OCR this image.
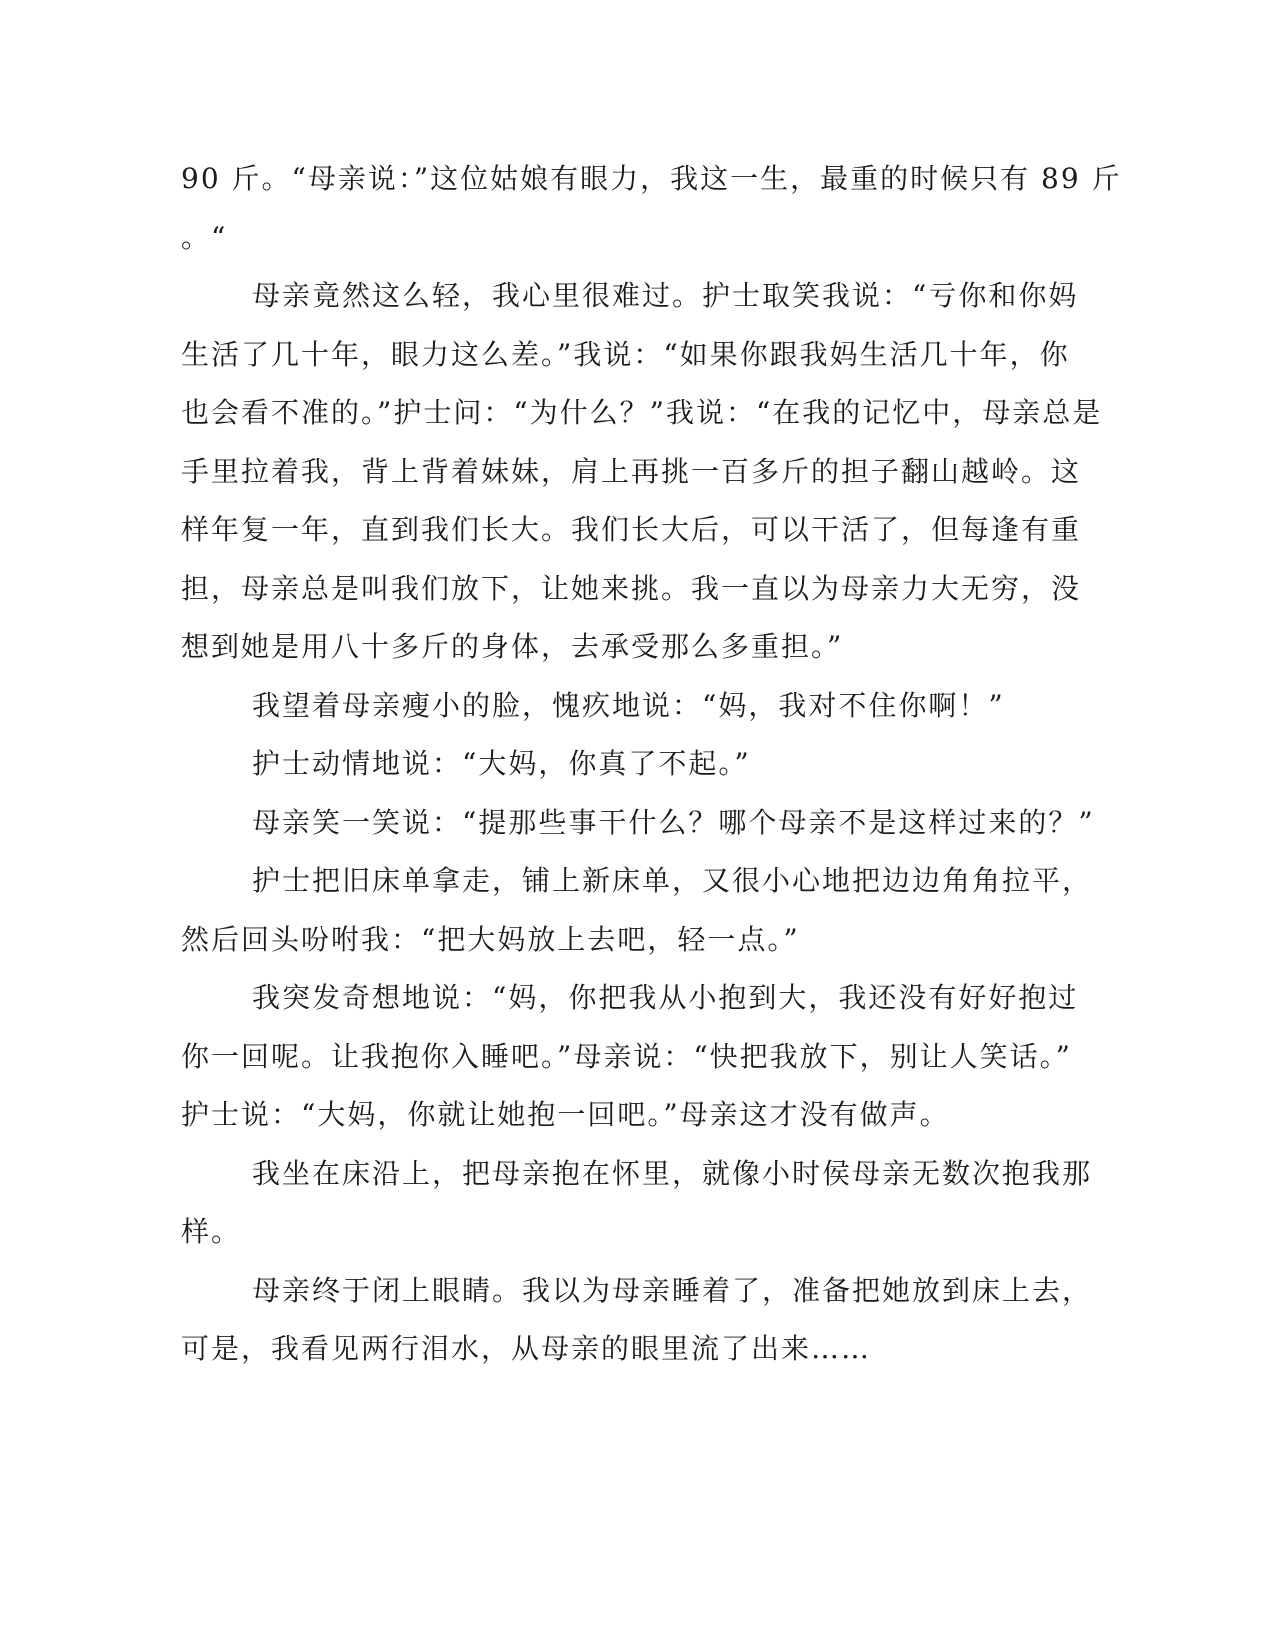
90 斤。“母亲说：”这位姑娘有眼力，我这一生，最重的时候只有 89 斤
。“
母亲竟然这么轻，我心里很难过。护士取笑我说：“亏你和你妈
生活了几十年，眼力这么差。”我说：“如果你跟我妈生活几十年，你
也会看不准的。”护士问：“为什么？”我说：“在我的记忆中，母亲总是
手里拉着我，背上背着妹妹，肩上再挑一百多斤的担子翻山越岭。这
样年复一年，直到我们长大。我们长大后，可以干活了，但每逢有重
担，母亲总是叫我们放下，让她来挑。我一直以为母亲力大无穷，没
想到她是用八十多斤的身体，去承受那么多重担。”
我望着母亲瘦小的脸，愧疚地说：“妈，我对不住你啊！”
护士动情地说：“大妈，你真了不起。”
母亲笑一笑说：“提那些事干什么？哪个母亲不是这样过来的？”
护士把旧床单拿走，铺上新床单，又很小心地把边边角角拉平，
然后回头吩咐我：“把大妈放上去吧，轻一点。”
我突发奇想地说：“妈，你把我从小抱到大，我还没有好好抱过
你一回呢。让我抱你入睡吧。”母亲说：“快把我放下，别让人笑话。”
护士说：“大妈，你就让她抱一回吧。”母亲这才没有做声。
我坐在床沿上，把母亲抱在怀里，就像小时侯母亲无数次抱我那
样。
母亲终于闭上眼睛。我以为母亲睡着了，准备把她放到床上去，
可是，我看见两行泪水，从母亲的眼里流了出来……
